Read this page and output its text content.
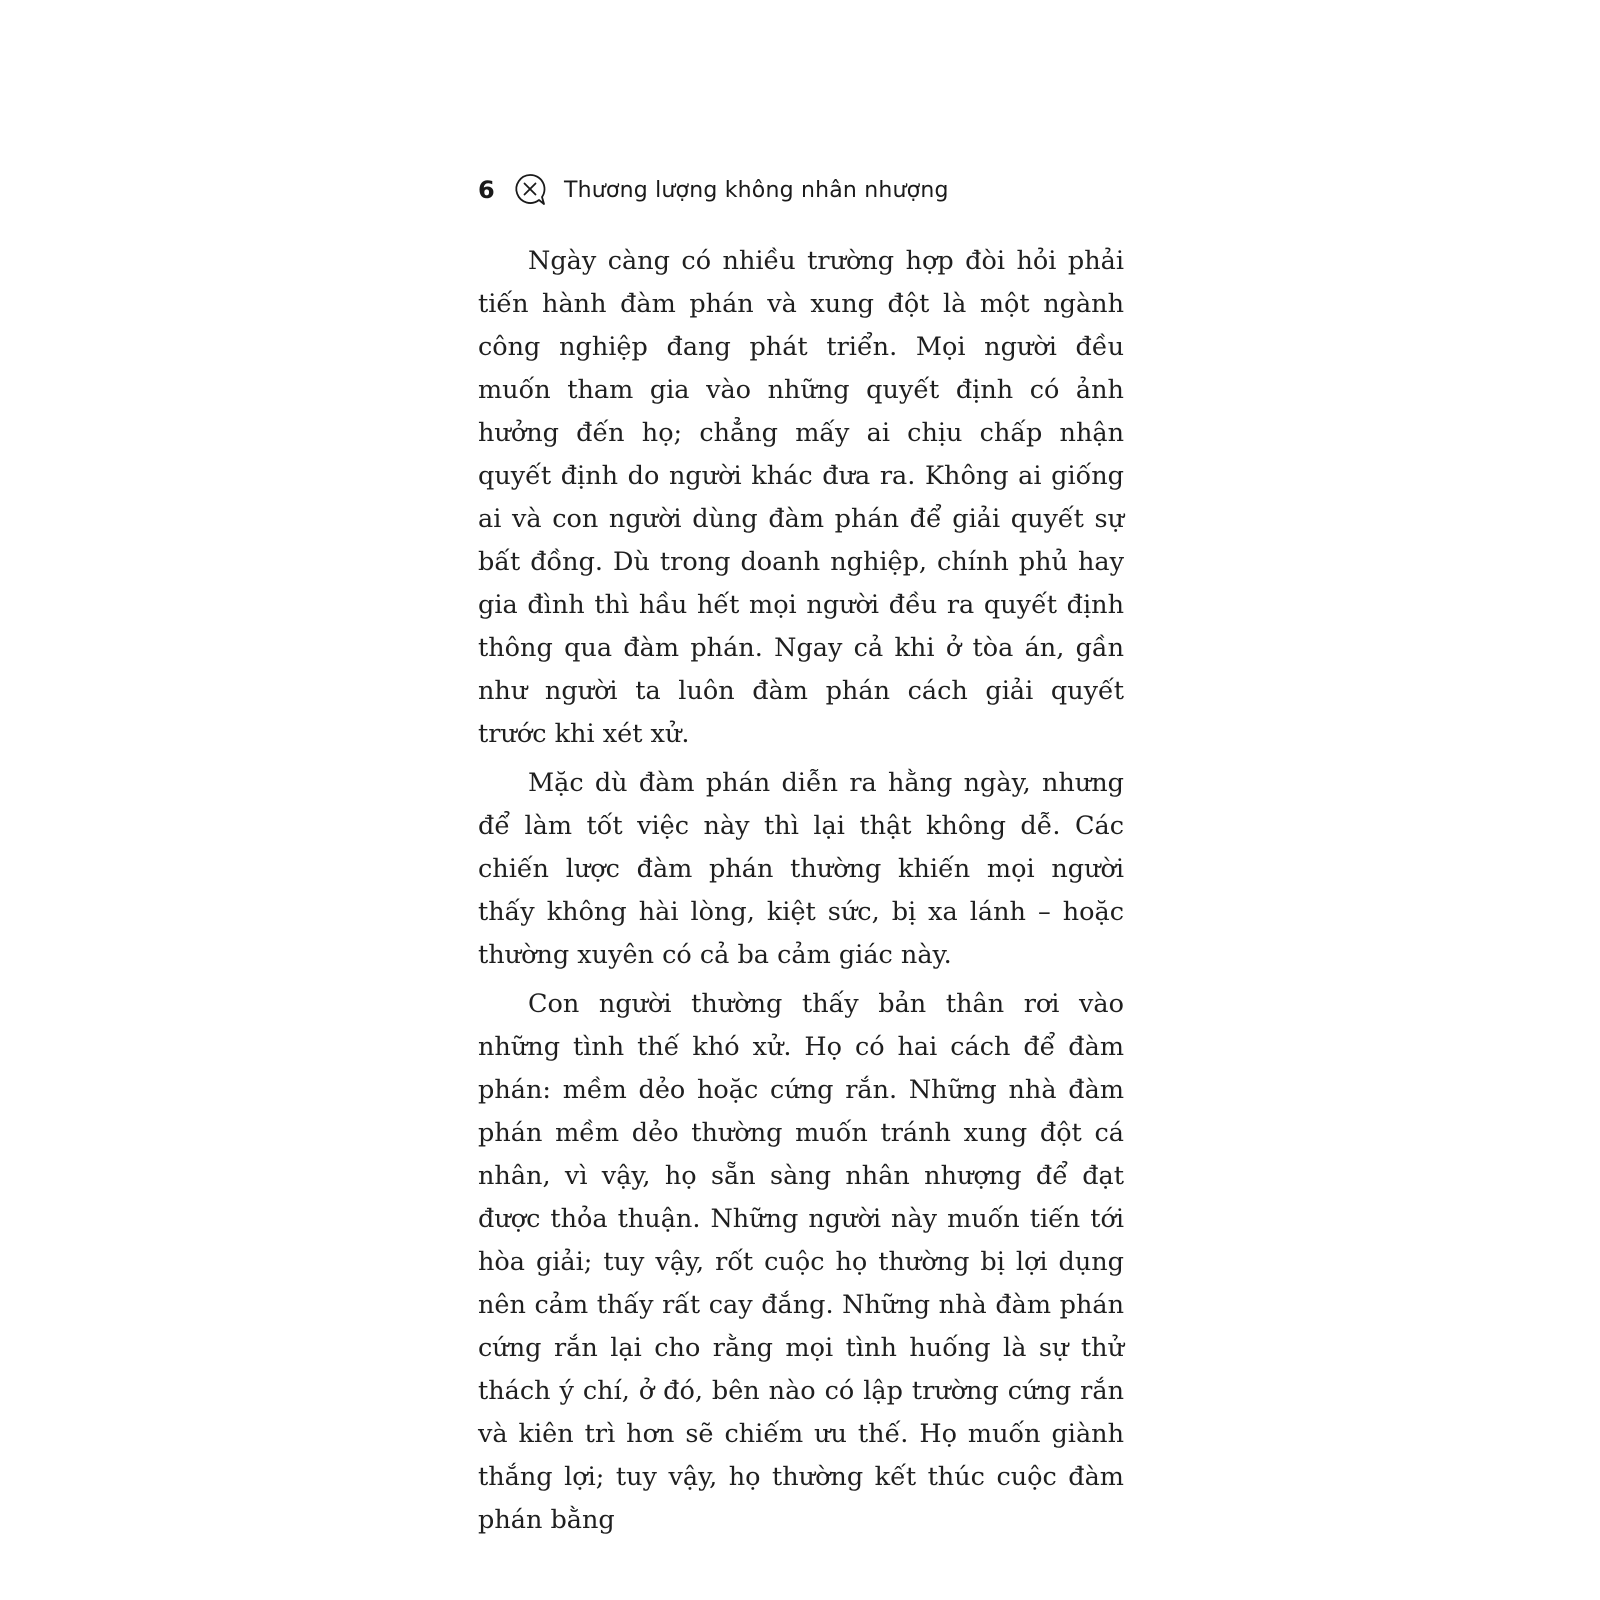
6	Thương lượng không nhân nhượng

Ngày càng có nhiều trường hợp đòi hỏi phải tiến hành đàm phán và xung đột là một ngành công nghiệp đang phát triển. Mọi người đều muốn tham gia vào những quyết định có ảnh hưởng đến họ; chẳng mấy ai chịu chấp nhận quyết định do người khác đưa ra. Không ai giống ai và con người dùng đàm phán để giải quyết sự bất đồng. Dù trong doanh nghiệp, chính phủ hay gia đình thì hầu hết mọi người đều ra quyết định thông qua đàm phán. Ngay cả khi ở tòa án, gần như người ta luôn đàm phán cách giải quyết trước khi xét xử.

Mặc dù đàm phán diễn ra hằng ngày, nhưng để làm tốt việc này thì lại thật không dễ. Các chiến lược đàm phán thường khiến mọi người thấy không hài lòng, kiệt sức, bị xa lánh – hoặc thường xuyên có cả ba cảm giác này.

Con người thường thấy bản thân rơi vào những tình thế khó xử. Họ có hai cách để đàm phán: mềm dẻo hoặc cứng rắn. Những nhà đàm phán mềm dẻo thường muốn tránh xung đột cá nhân, vì vậy, họ sẵn sàng nhân nhượng để đạt được thỏa thuận. Những người này muốn tiến tới hòa giải; tuy vậy, rốt cuộc họ thường bị lợi dụng nên cảm thấy rất cay đắng. Những nhà đàm phán cứng rắn lại cho rằng mọi tình huống là sự thử thách ý chí, ở đó, bên nào có lập trường cứng rắn và kiên trì hơn sẽ chiếm ưu thế. Họ muốn giành thắng lợi; tuy vậy, họ thường kết thúc cuộc đàm phán bằng
